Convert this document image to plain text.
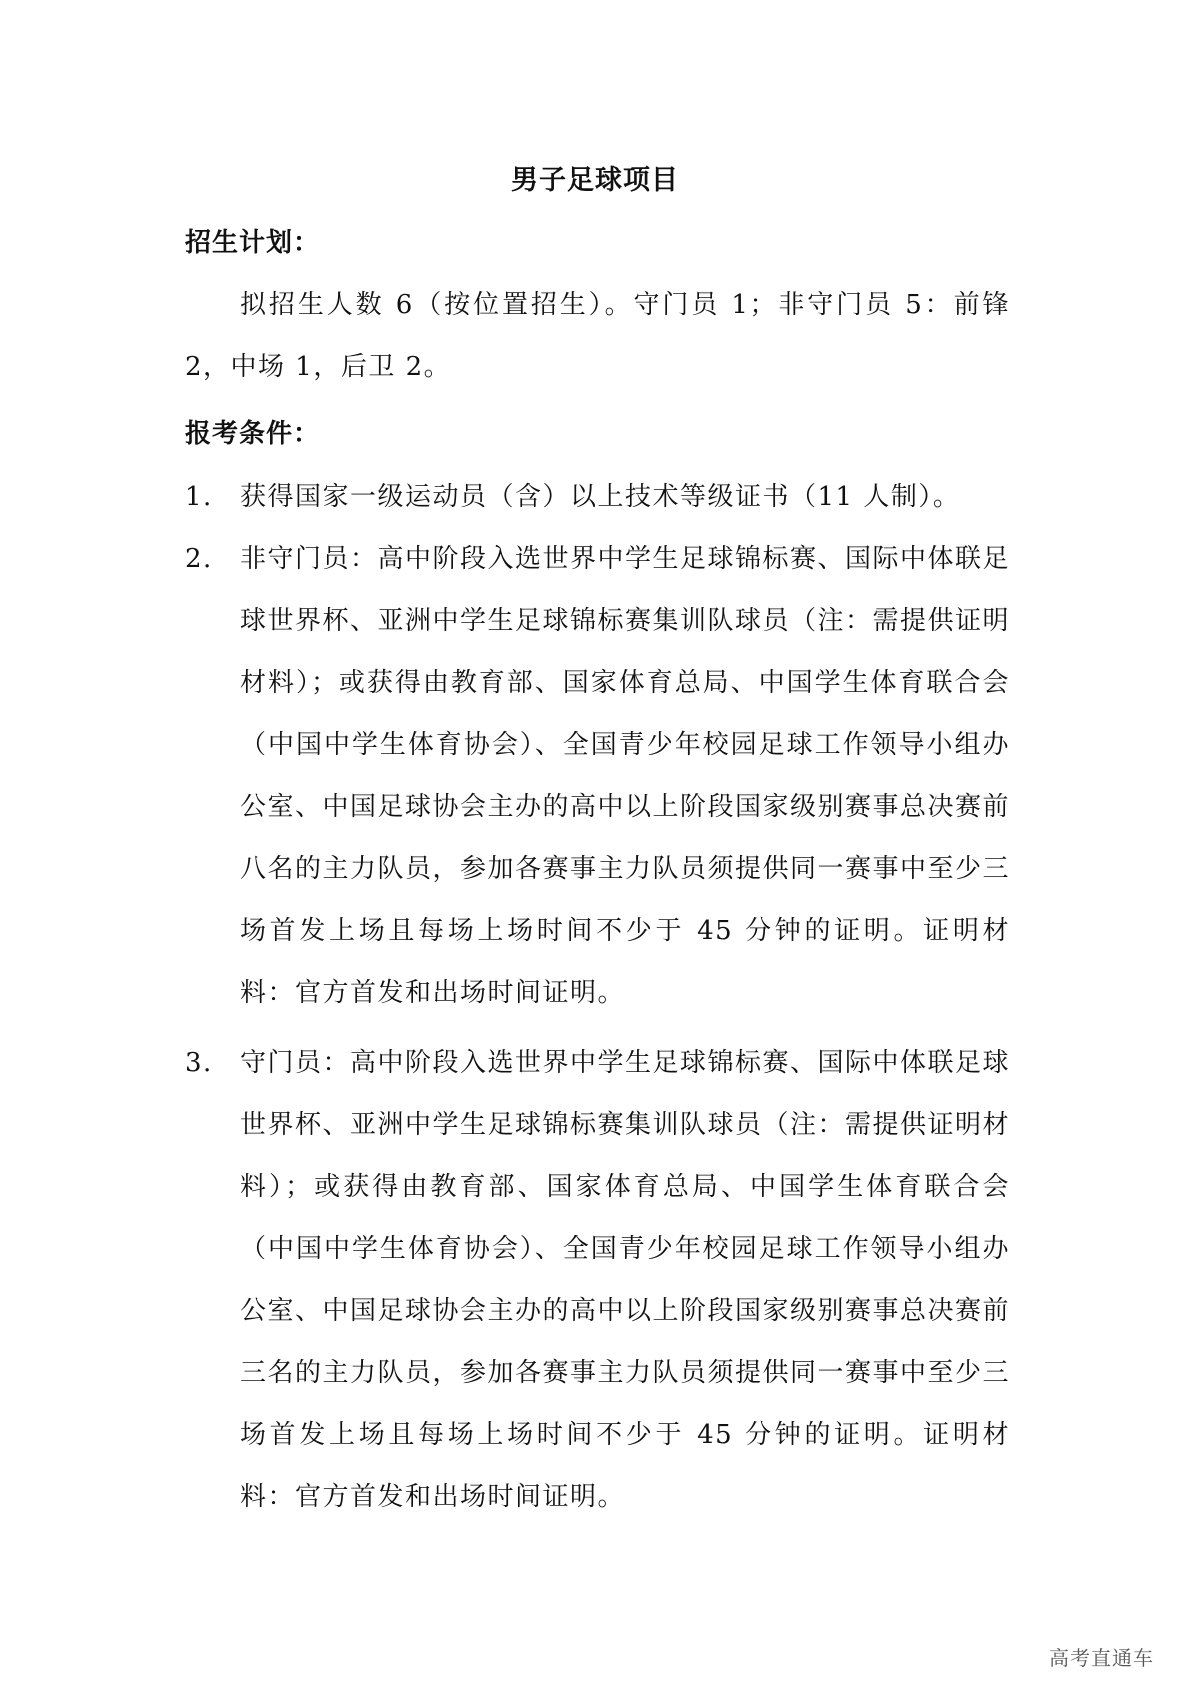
男子足球项目
招生计划：
拟招生人数 6（按位置招生）。守门员 1；非守门员 5：前锋 2，中场 1，后卫 2。
报考条件：
1.	获得国家一级运动员（含）以上技术等级证书（11 人制）。
2.	非守门员：高中阶段入选世界中学生足球锦标赛、国际中体联足球世界杯、亚洲中学生足球锦标赛集训队球员（注：需提供证明材料）；或获得由教育部、国家体育总局、中国学生体育联合会（中国中学生体育协会）、全国青少年校园足球工作领导小组办公室、中国足球协会主办的高中以上阶段国家级别赛事总决赛前八名的主力队员，参加各赛事主力队员须提供同一赛事中至少三场首发上场且每场上场时间不少于 45 分钟的证明。证明材料：官方首发和出场时间证明。
3.	守门员：高中阶段入选世界中学生足球锦标赛、国际中体联足球世界杯、亚洲中学生足球锦标赛集训队球员（注：需提供证明材料）；或获得由教育部、国家体育总局、中国学生体育联合会（中国中学生体育协会）、全国青少年校园足球工作领导小组办公室、中国足球协会主办的高中以上阶段国家级别赛事总决赛前三名的主力队员，参加各赛事主力队员须提供同一赛事中至少三场首发上场且每场上场时间不少于 45 分钟的证明。证明材料：官方首发和出场时间证明。
高考直通车
